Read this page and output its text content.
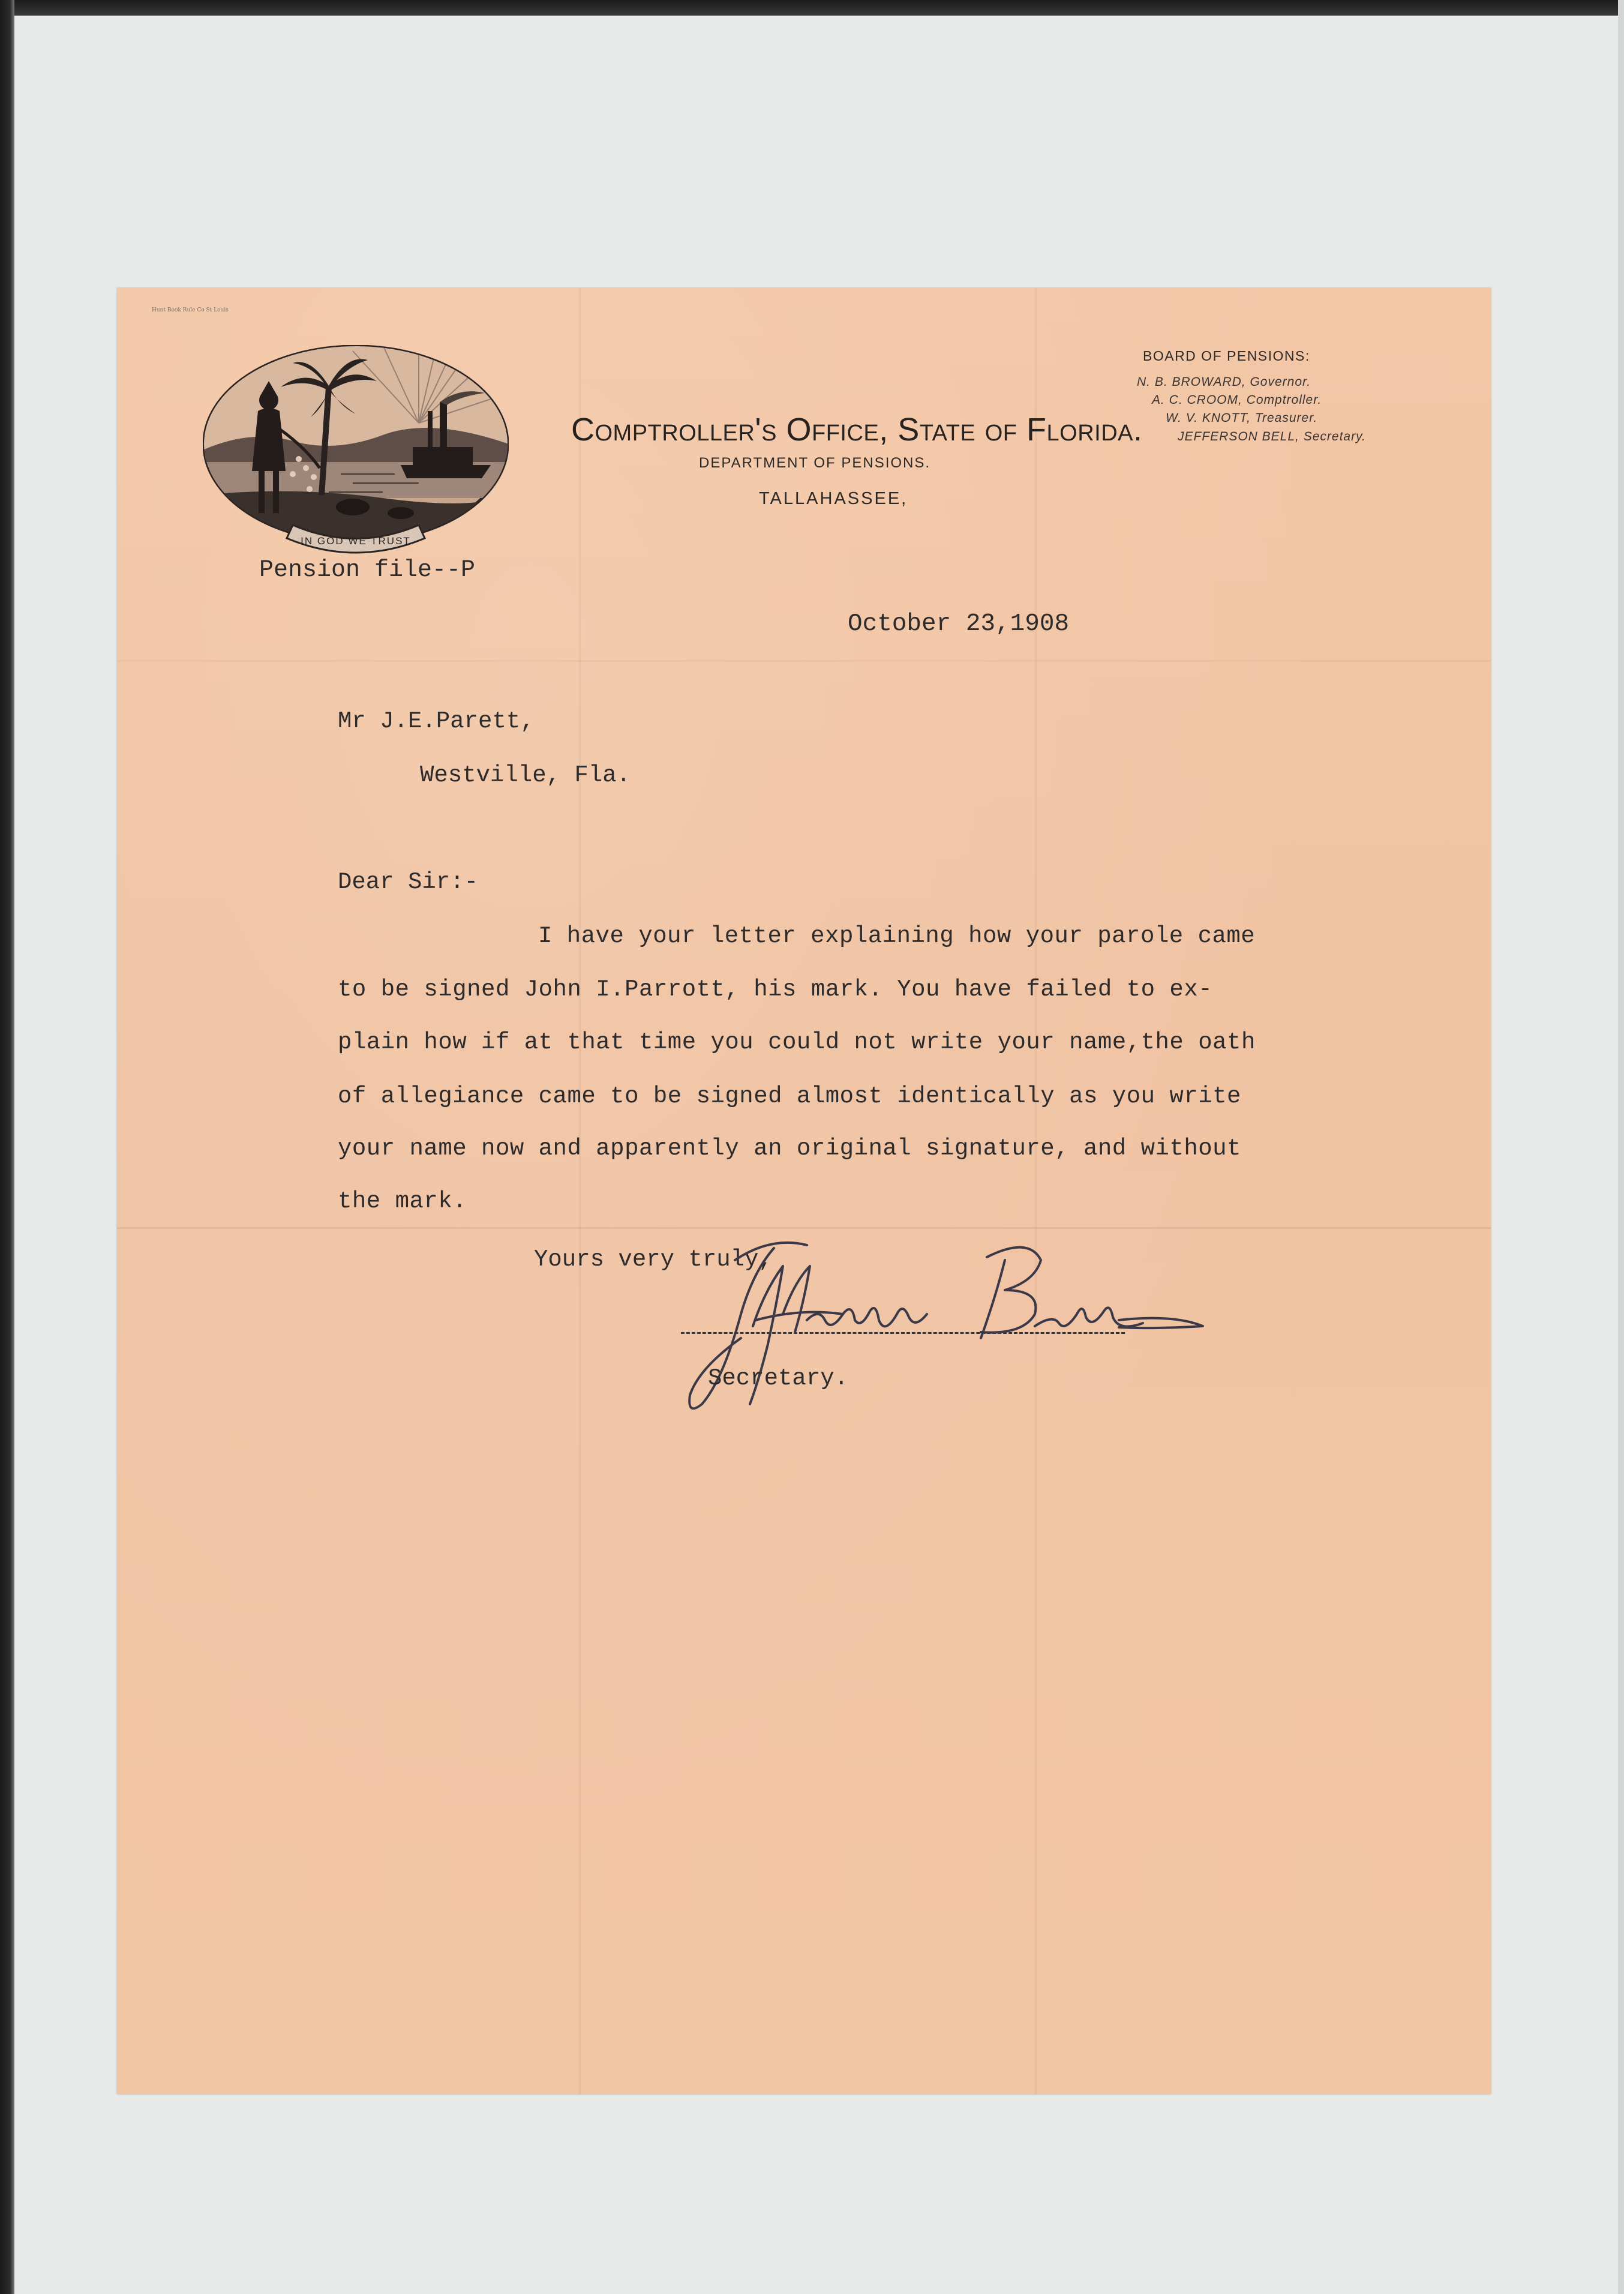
Hunt Book Rule Co St Louis
IN GOD WE TRUST
Comptroller's Office, State of Florida.
DEPARTMENT OF PENSIONS.
TALLAHASSEE,
BOARD OF PENSIONS:
N. B. BROWARD, Governor.
A. C. CROOM, Comptroller.
W. V. KNOTT, Treasurer.
JEFFERSON BELL, Secretary.
Pension file--P
October 23,1908
Mr J.E.Parett,
Westville, Fla.
Dear Sir:-
I have your letter explaining how your parole came
to be signed John I.Parrott, his mark. You have failed to ex-
plain how if at that time you could not write your name,the oath
of allegiance came to be signed almost identically as you write
your name now and apparently an original signature, and without
the mark.
Yours very truly,
Secretary.
